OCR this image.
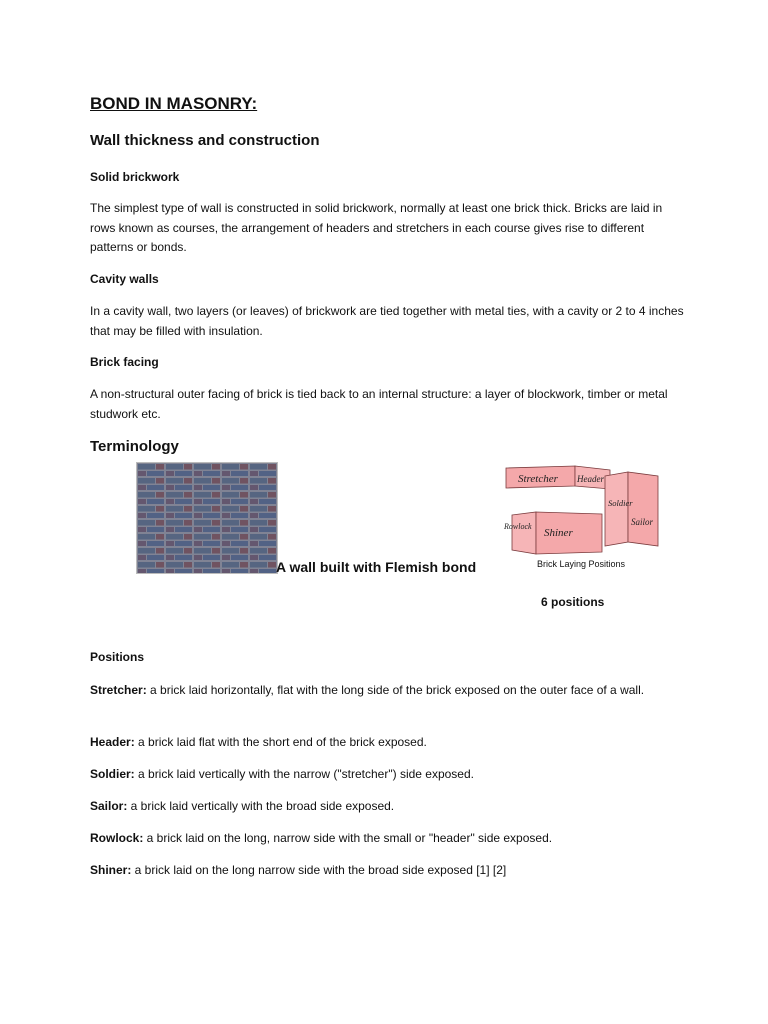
BOND IN MASONRY:
Wall thickness and construction
Solid brickwork

The simplest type of wall is constructed in solid brickwork, normally at least one brick thick. Bricks are laid in rows known as courses, the arrangement of headers and stretchers in each course gives rise to different patterns or bonds.

Cavity walls

In a cavity wall, two layers (or leaves) of brickwork are tied together with metal ties, with a cavity or 2 to 4 inches that may be filled with insulation.

Brick facing

A non-structural outer facing of brick is tied back to an internal structure: a layer of blockwork, timber or metal studwork etc.

Terminology
A wall built with Flemish bond
Stretcher Header
Soldier
Sailor
Rowlock
Shiner
Brick Laying Positions
6 positions
Positions

Stretcher: a brick laid horizontally, flat with the long side of the brick exposed on the outer face of a wall.

Header: a brick laid flat with the short end of the brick exposed.

Soldier: a brick laid vertically with the narrow ("stretcher") side exposed.

Sailor: a brick laid vertically with the broad side exposed.

Rowlock: a brick laid on the long, narrow side with the small or "header" side exposed.

Shiner: a brick laid on the long narrow side with the broad side exposed [1] [2]
